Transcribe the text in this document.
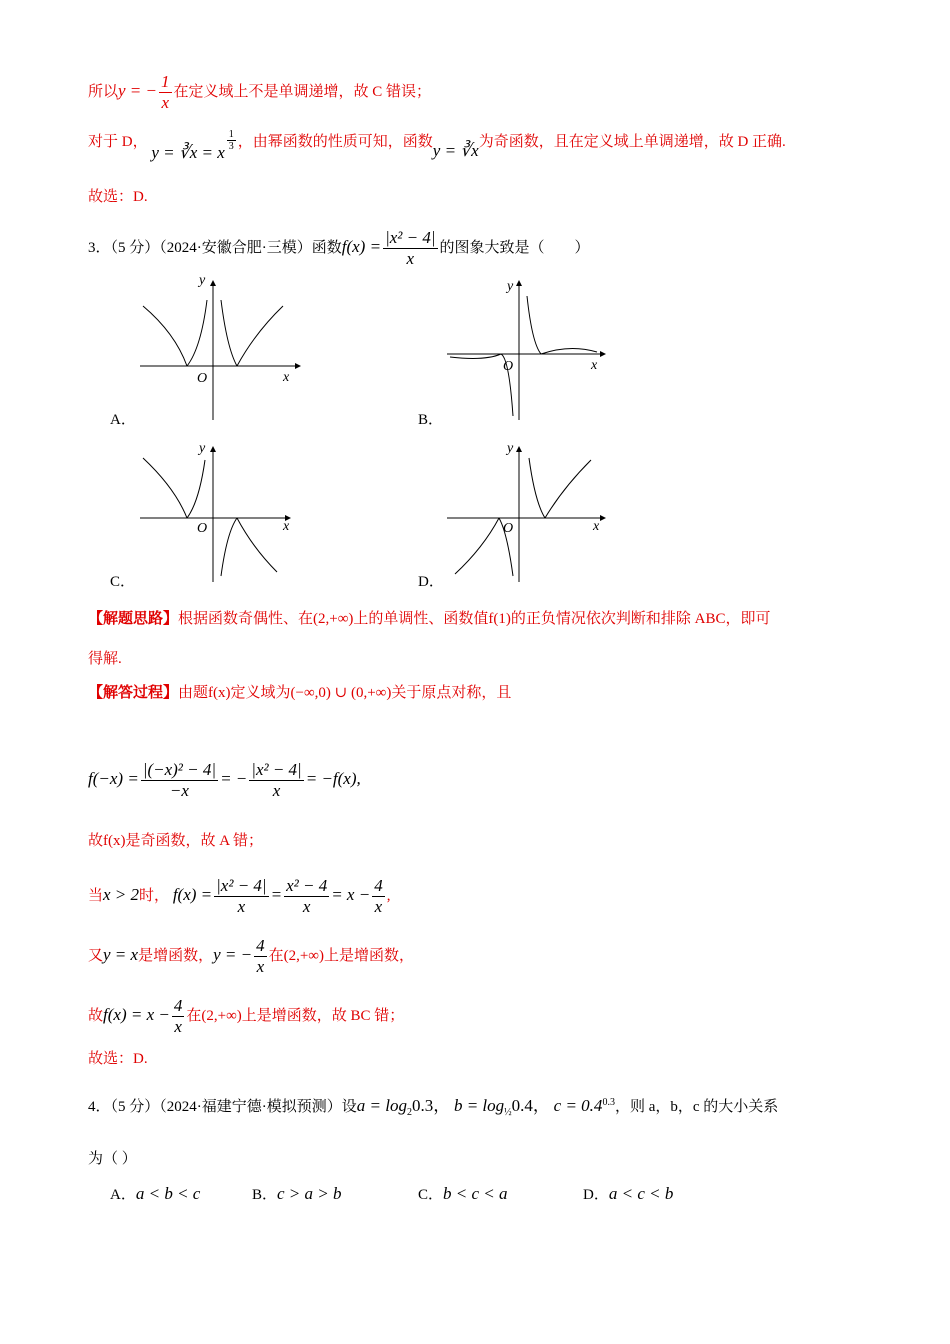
所以y = − $\frac{1}{x}$ 在定义域上不是单调递增，故 C 错误；
对于 D， y = ∛x = x
$\frac{1}{3}$ ，由幂函数的性质可知，函数y = ∛x为奇函数，且在定义域上单调递增，故 D 正确.
故选：D.
3．（5 分）（2024·安徽合肥·三模）函数$f(x) = \frac{\text{|x² − 4|}}{x}$ 的图象大致是（　　）
y
x
O
A．
y
x
O
B．
y
x
O
C．
y
x
O
D．
【解题思路】根据函数奇偶性、在(2,+∞)上的单调性、函数值f(1)的正负情况依次判断和排除 ABC，即可
得解.
【解答过程】由题f(x)定义域为(−∞,0) ∪ (0,+∞)关于原点对称，且
$f(-x) = \frac{\text{|(−x)² − 4|}}{-x}$ = − $\frac{\text{|x² − 4|}}{x} = -f(x)$,
故f(x)是奇函数，故 A 错；
当x > 2时， $f(x) = \frac{\text{|x² − 4|}}{x} = \frac{\text{x² − 4}}{x} = x - \frac{4}{x}$ ,
又y = x是增函数，y = − $\frac{4}{x}$ 在(2,+∞)上是增函数，
故$f(x) = x - \frac{4}{x}$ 在(2,+∞)上是增函数，故 BC 错；
故选：D.
4．（5 分）（2024·福建宁德·模拟预测）设$a = \log_20.3$， $b = \log_{\frac{1}{2}}0.4$， $c = 0.4^{0.3}$，则 a，b，c 的大小关系
为（ ）
A．a < b < c	B．c > a > b	C．b < c < a	D．a < c < b
